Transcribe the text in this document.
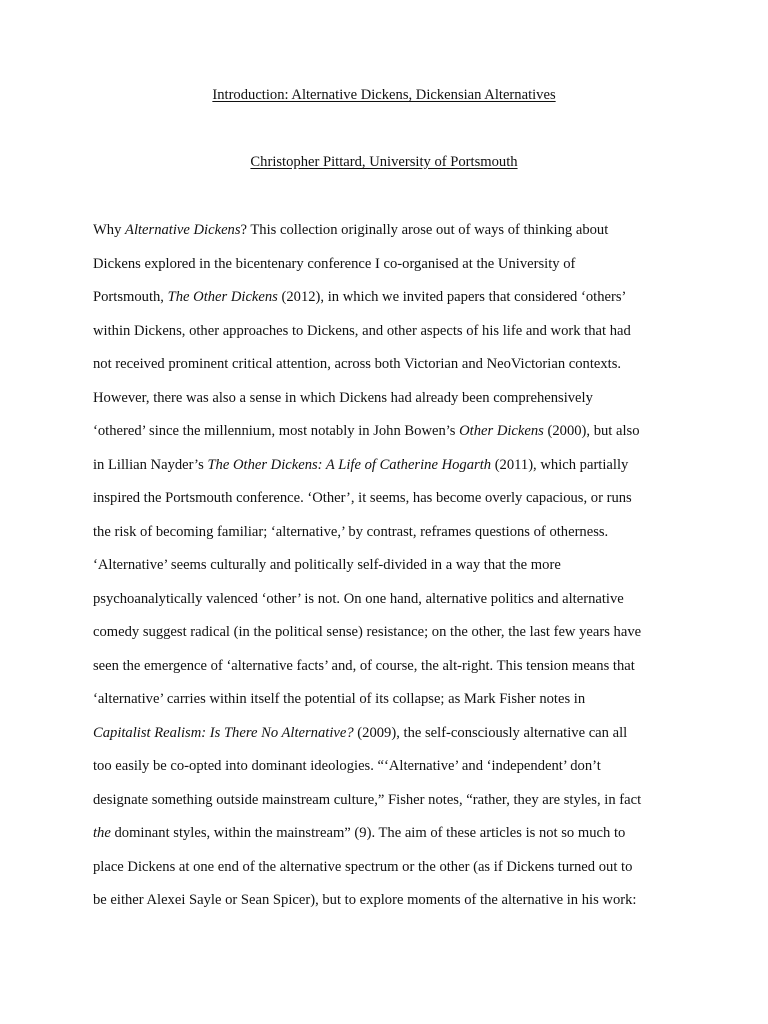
Introduction: Alternative Dickens, Dickensian Alternatives
Christopher Pittard, University of Portsmouth
Why Alternative Dickens? This collection originally arose out of ways of thinking about
Dickens explored in the bicentenary conference I co-organised at the University of
Portsmouth, The Other Dickens (2012), in which we invited papers that considered ‘others’
within Dickens, other approaches to Dickens, and other aspects of his life and work that had
not received prominent critical attention, across both Victorian and NeoVictorian contexts.
However, there was also a sense in which Dickens had already been comprehensively
‘othered’ since the millennium, most notably in John Bowen’s Other Dickens (2000), but also
in Lillian Nayder’s The Other Dickens: A Life of Catherine Hogarth (2011), which partially
inspired the Portsmouth conference. ‘Other’, it seems, has become overly capacious, or runs
the risk of becoming familiar; ‘alternative,’ by contrast, reframes questions of otherness.
‘Alternative’ seems culturally and politically self-divided in a way that the more
psychoanalytically valenced ‘other’ is not. On one hand, alternative politics and alternative
comedy suggest radical (in the political sense) resistance; on the other, the last few years have
seen the emergence of ‘alternative facts’ and, of course, the alt-right. This tension means that
‘alternative’ carries within itself the potential of its collapse; as Mark Fisher notes in
Capitalist Realism: Is There No Alternative? (2009), the self-consciously alternative can all
too easily be co-opted into dominant ideologies. “‘Alternative’ and ‘independent’ don’t
designate something outside mainstream culture,” Fisher notes, “rather, they are styles, in fact
the dominant styles, within the mainstream” (9). The aim of these articles is not so much to
place Dickens at one end of the alternative spectrum or the other (as if Dickens turned out to
be either Alexei Sayle or Sean Spicer), but to explore moments of the alternative in his work:
